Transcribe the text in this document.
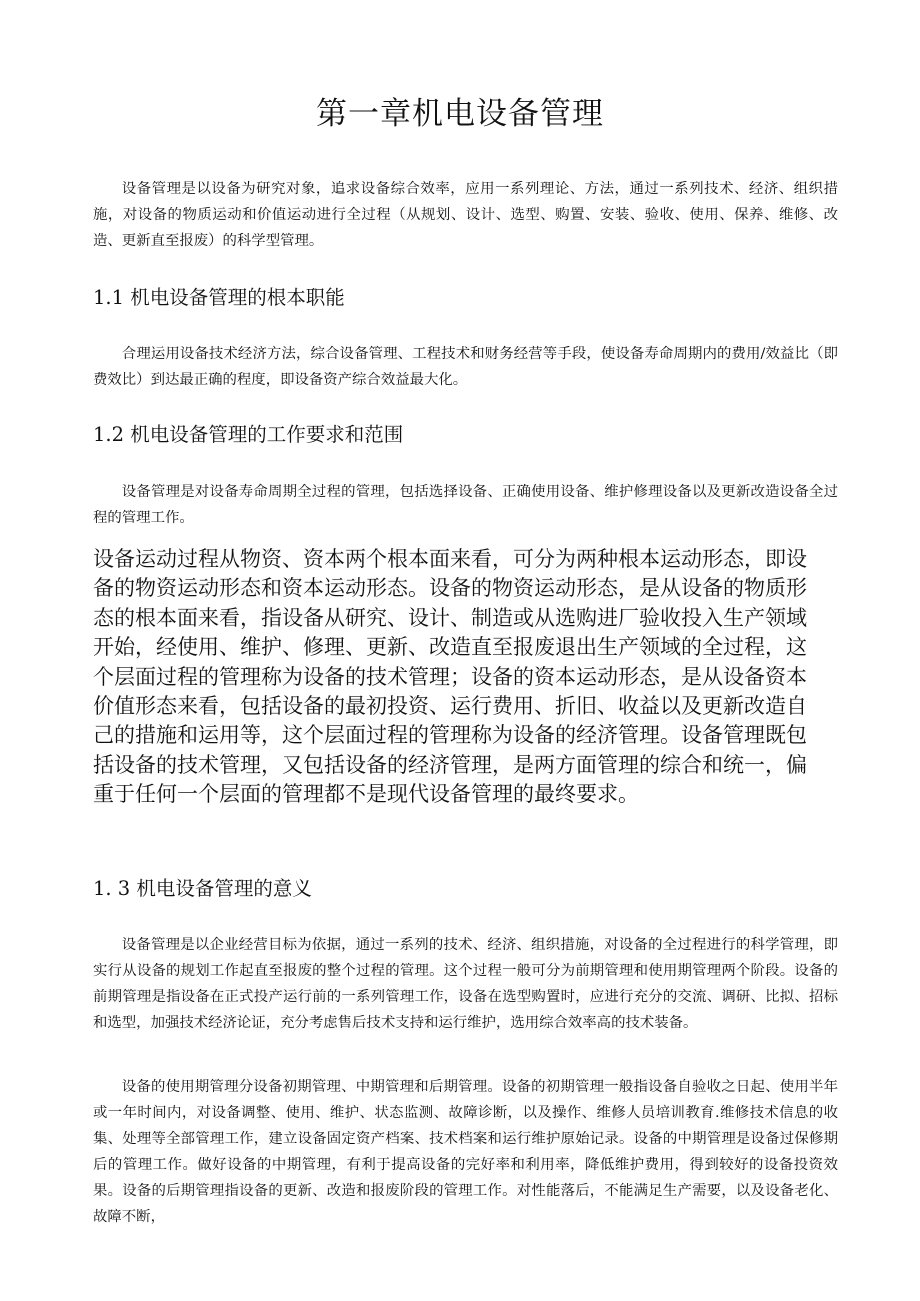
第一章机电设备管理

设备管理是以设备为研究对象，追求设备综合效率，应用一系列理论、方法，通过一系列技术、经济、组织措施，对设备的物质运动和价值运动进行全过程（从规划、设计、选型、购置、安装、验收、使用、保养、维修、改造、更新直至报废）的科学型管理。

1.1 机电设备管理的根本职能

合理运用设备技术经济方法，综合设备管理、工程技术和财务经营等手段，使设备寿命周期内的费用/效益比（即费效比）到达最正确的程度，即设备资产综合效益最大化。

1.2 机电设备管理的工作要求和范围

设备管理是对设备寿命周期全过程的管理，包括选择设备、正确使用设备、维护修理设备以及更新改造设备全过程的管理工作。

设备运动过程从物资、资本两个根本面来看，可分为两种根本运动形态，即设备的物资运动形态和资本运动形态。设备的物资运动形态，是从设备的物质形态的根本面来看，指设备从研究、设计、制造或从选购进厂验收投入生产领域开始，经使用、维护、修理、更新、改造直至报废退出生产领域的全过程，这个层面过程的管理称为设备的技术管理；设备的资本运动形态，是从设备资本价值形态来看，包括设备的最初投资、运行费用、折旧、收益以及更新改造自己的措施和运用等，这个层面过程的管理称为设备的经济管理。设备管理既包括设备的技术管理，又包括设备的经济管理，是两方面管理的综合和统一，偏重于任何一个层面的管理都不是现代设备管理的最终要求。

1. 3 机电设备管理的意义

设备管理是以企业经营目标为依据，通过一系列的技术、经济、组织措施，对设备的全过程进行的科学管理，即实行从设备的规划工作起直至报废的整个过程的管理。这个过程一般可分为前期管理和使用期管理两个阶段。设备的前期管理是指设备在正式投产运行前的一系列管理工作，设备在选型购置时，应进行充分的交流、调研、比拟、招标和选型，加强技术经济论证，充分考虑售后技术支持和运行维护，选用综合效率高的技术装备。

设备的使用期管理分设备初期管理、中期管理和后期管理。设备的初期管理一般指设备自验收之日起、使用半年或一年时间内，对设备调整、使用、维护、状态监测、故障诊断，以及操作、维修人员培训教育.维修技术信息的收集、处理等全部管理工作，建立设备固定资产档案、技术档案和运行维护原始记录。设备的中期管理是设备过保修期后的管理工作。做好设备的中期管理，有利于提高设备的完好率和利用率，降低维护费用，得到较好的设备投资效果。设备的后期管理指设备的更新、改造和报废阶段的管理工作。对性能落后，不能满足生产需要，以及设备老化、故障不断，
